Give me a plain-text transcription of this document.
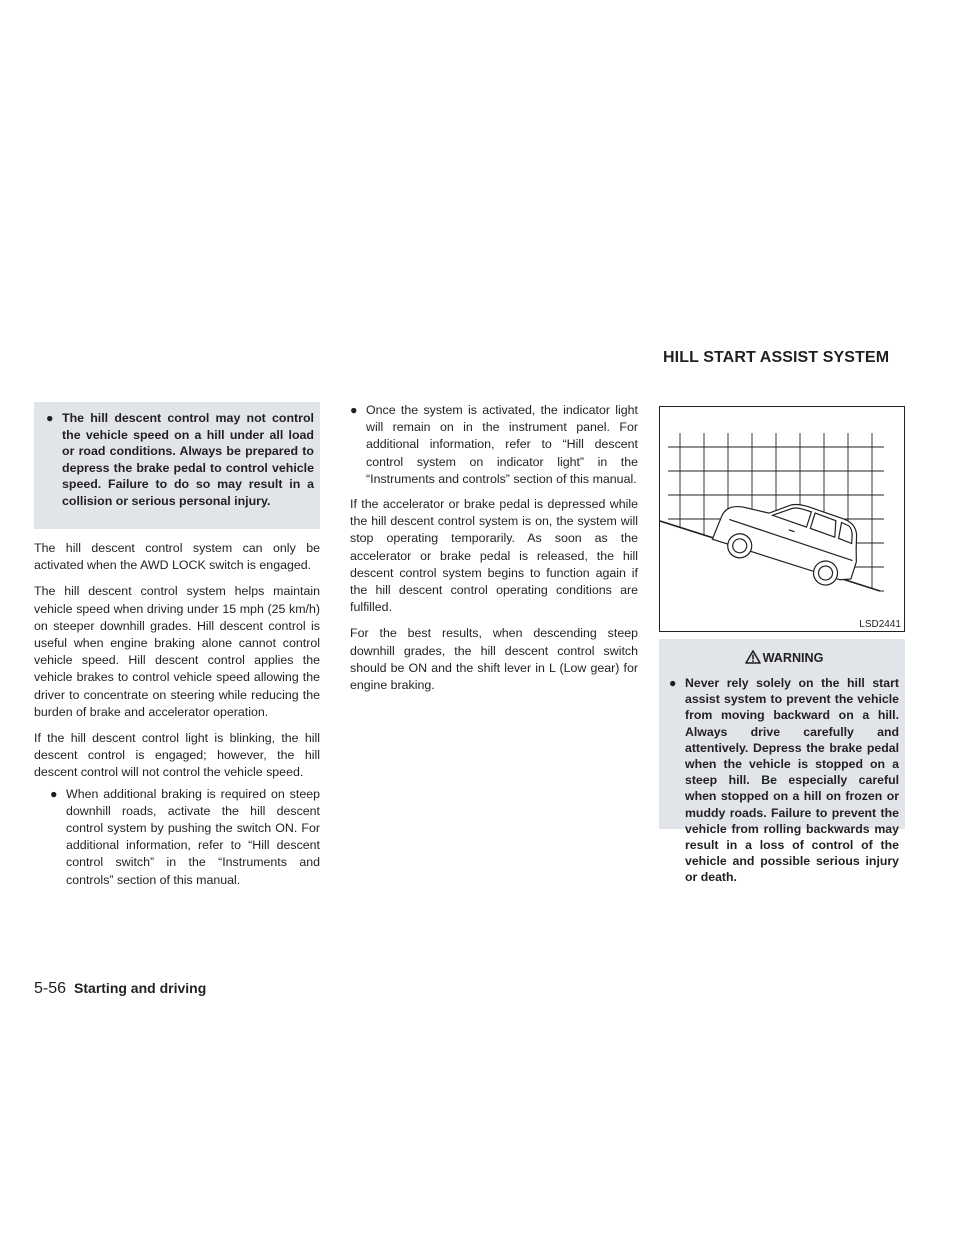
HILL START ASSIST SYSTEM
● The hill descent control may not control the vehicle speed on a hill under all load or road conditions. Always be prepared to depress the brake pedal to control vehicle speed. Failure to do so may result in a collision or serious personal injury.

The hill descent control system can only be activated when the AWD LOCK switch is engaged.

The hill descent control system helps maintain vehicle speed when driving under 15 mph (25 km/h) on steeper downhill grades. Hill descent control is useful when engine braking alone cannot control vehicle speed. Hill descent control applies the vehicle brakes to control vehicle speed allowing the driver to concentrate on steering while reducing the burden of brake and accelerator operation.

If the hill descent control light is blinking, the hill descent control is engaged; however, the hill descent control will not control the vehicle speed.

● When additional braking is required on steep downhill roads, activate the hill descent control system by pushing the switch ON. For additional information, refer to “Hill descent control switch” in the “Instruments and controls” section of this manual.
● Once the system is activated, the indicator light will remain on in the instrument panel. For additional information, refer to “Hill descent control system on indicator light” in the “Instruments and controls” section of this manual.

If the accelerator or brake pedal is depressed while the hill descent control system is on, the system will stop operating temporarily. As soon as the accelerator or brake pedal is released, the hill descent control system begins to function again if the hill descent control operating conditions are fulfilled.

For the best results, when descending steep downhill grades, the hill descent control switch should be ON and the shift lever in L (Low gear) for engine braking.

LSD2441
WARNING
● Never rely solely on the hill start assist system to prevent the vehicle from moving backward on a hill. Always drive carefully and attentively. Depress the brake pedal when the vehicle is stopped on a steep hill. Be especially careful when stopped on a hill on frozen or muddy roads. Failure to prevent the vehicle from rolling backwards may result in a loss of control of the vehicle and possible serious injury or death.
5-56 Starting and driving
